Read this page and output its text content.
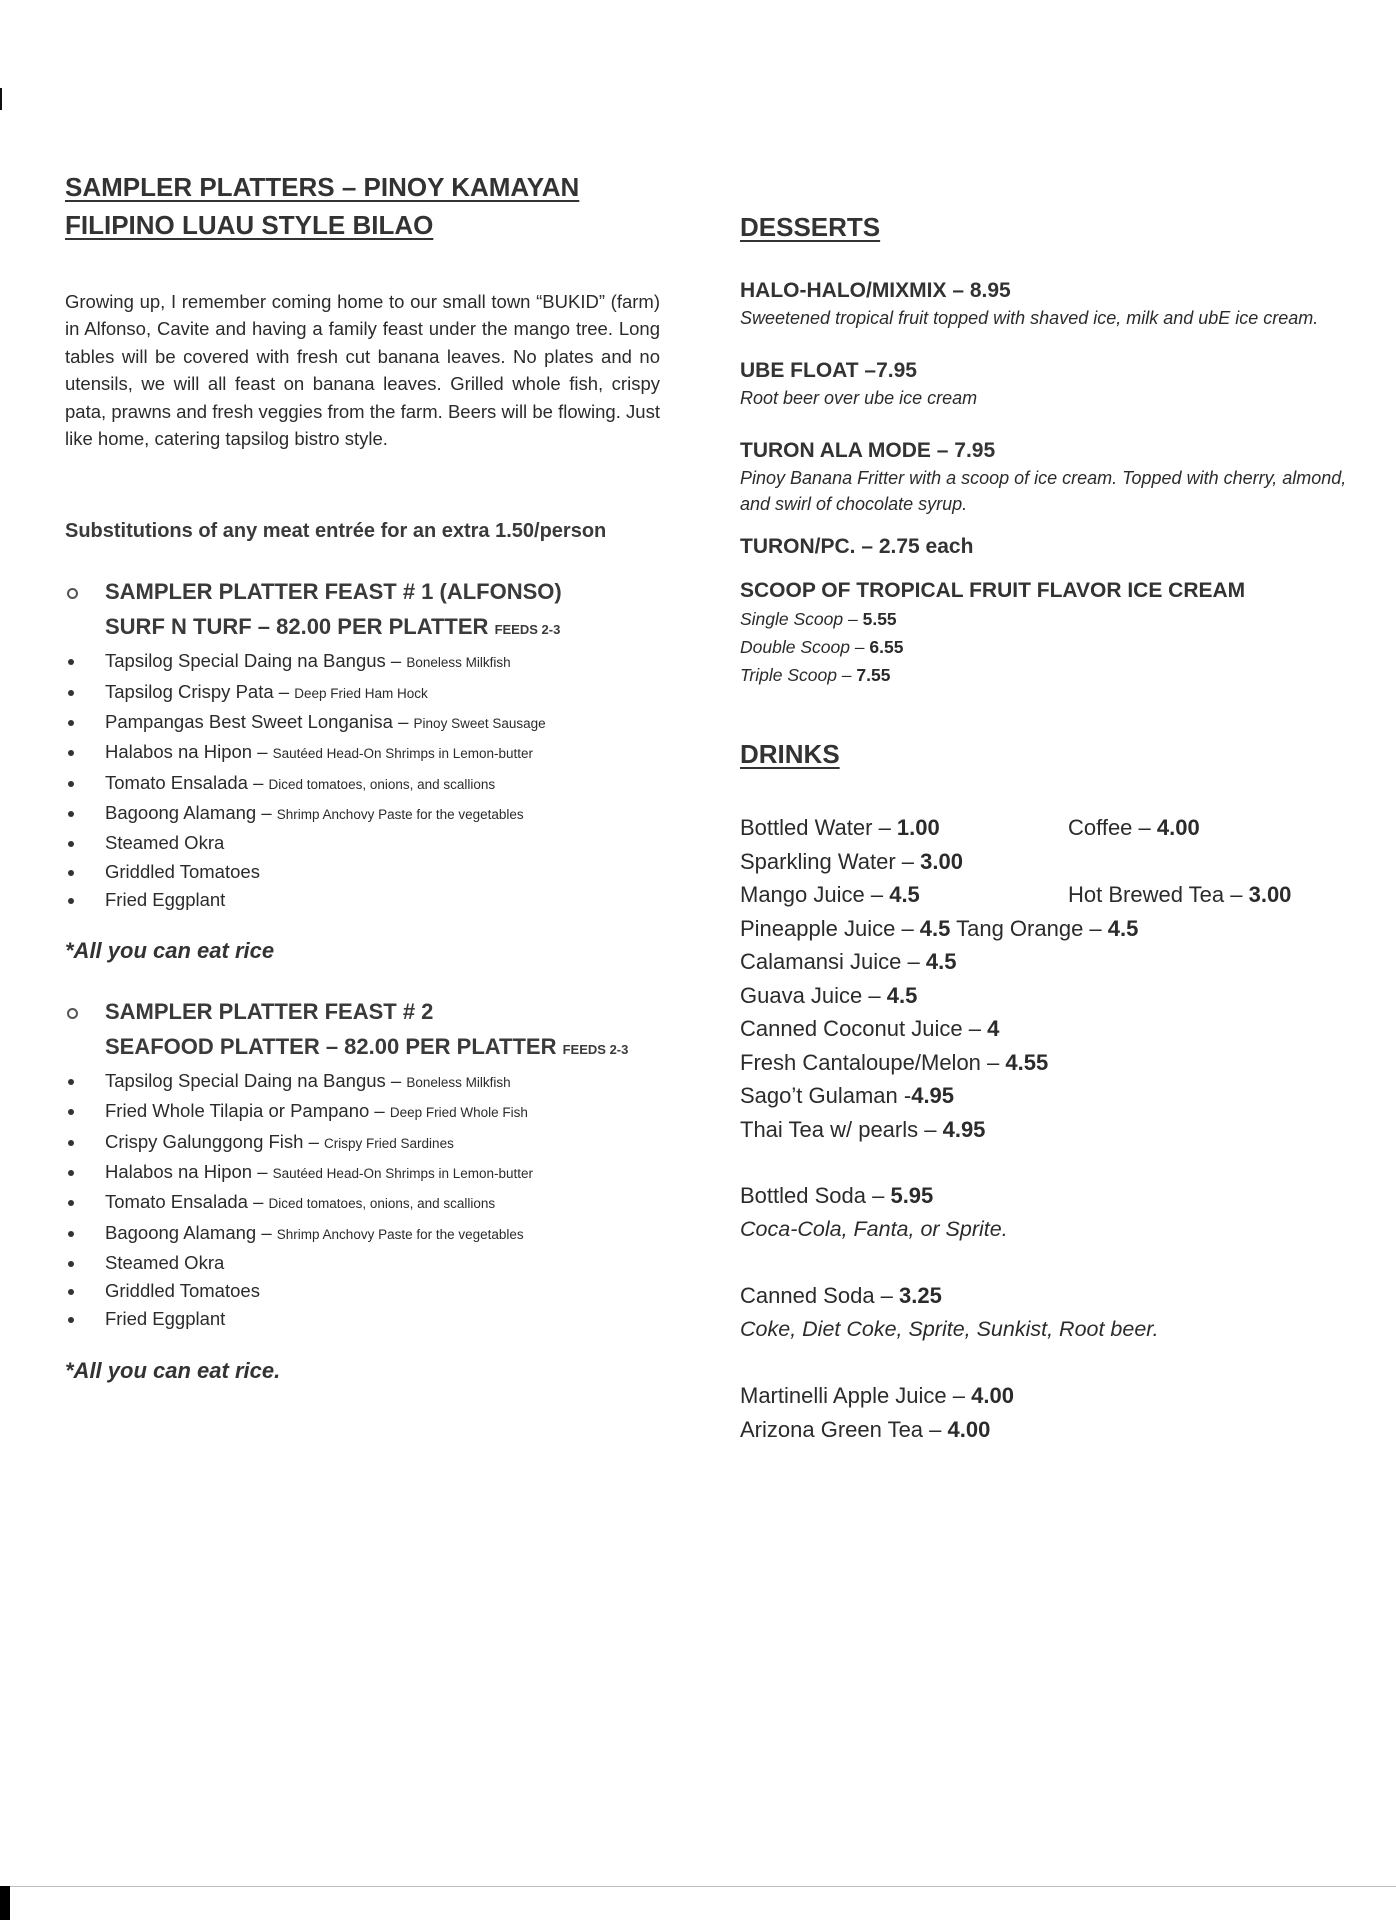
SAMPLER PLATTERS – PINOY KAMAYAN
FILIPINO LUAU STYLE BILAO

Growing up, I remember coming home to our small town “BUKID” (farm) in Alfonso, Cavite and having a family feast under the mango tree. Long tables will be covered with fresh cut banana leaves. No plates and no utensils, we will all feast on banana leaves. Grilled whole fish, crispy pata, prawns and fresh veggies from the farm. Beers will be flowing. Just like home, catering tapsilog bistro style.

Substitutions of any meat entrée for an extra 1.50/person

SAMPLER PLATTER FEAST # 1 (ALFONSO)
SURF N TURF – 82.00 PER PLATTER FEEDS 2-3
Tapsilog Special Daing na Bangus – Boneless Milkfish
Tapsilog Crispy Pata – Deep Fried Ham Hock
Pampangas Best Sweet Longanisa – Pinoy Sweet Sausage
Halabos na Hipon – Sautéed Head-On Shrimps in Lemon-butter
Tomato Ensalada – Diced tomatoes, onions, and scallions
Bagoong Alamang – Shrimp Anchovy Paste for the vegetables
Steamed Okra
Griddled Tomatoes
Fried Eggplant

*All you can eat rice

SAMPLER PLATTER FEAST # 2
SEAFOOD PLATTER – 82.00 PER PLATTER FEEDS 2-3
Tapsilog Special Daing na Bangus – Boneless Milkfish
Fried Whole Tilapia or Pampano – Deep Fried Whole Fish
Crispy Galunggong Fish – Crispy Fried Sardines
Halabos na Hipon – Sautéed Head-On Shrimps in Lemon-butter
Tomato Ensalada – Diced tomatoes, onions, and scallions
Bagoong Alamang – Shrimp Anchovy Paste for the vegetables
Steamed Okra
Griddled Tomatoes
Fried Eggplant

*All you can eat rice.

DESSERTS

HALO-HALO/MIXMIX – 8.95

Sweetened tropical fruit topped with shaved ice, milk and ubE ice cream.

UBE FLOAT –7.95

Root beer over ube ice cream

TURON ALA MODE – 7.95

Pinoy Banana Fritter with a scoop of ice cream. Topped with cherry, almond, and swirl of chocolate syrup.

TURON/PC. – 2.75 each

SCOOP OF TROPICAL FRUIT FLAVOR ICE CREAM

Single Scoop – 5.55

Double Scoop – 6.55

Triple Scoop – 7.55

DRINKS
Bottled Water – 1.00	Coffee – 4.00
Sparkling Water – 3.00
Mango Juice – 4.5	Hot Brewed Tea – 3.00
Pineapple Juice – 4.5 Tang Orange – 4.5
Calamansi Juice – 4.5
Guava Juice – 4.5
Canned Coconut Juice – 4
Fresh Cantaloupe/Melon – 4.55
Sago’t Gulaman -4.95
Thai Tea w/ pearls – 4.95

Bottled Soda – 5.95

Coca-Cola, Fanta, or Sprite.

Canned Soda – 3.25

Coke, Diet Coke, Sprite, Sunkist, Root beer.

Martinelli Apple Juice – 4.00

Arizona Green Tea – 4.00
